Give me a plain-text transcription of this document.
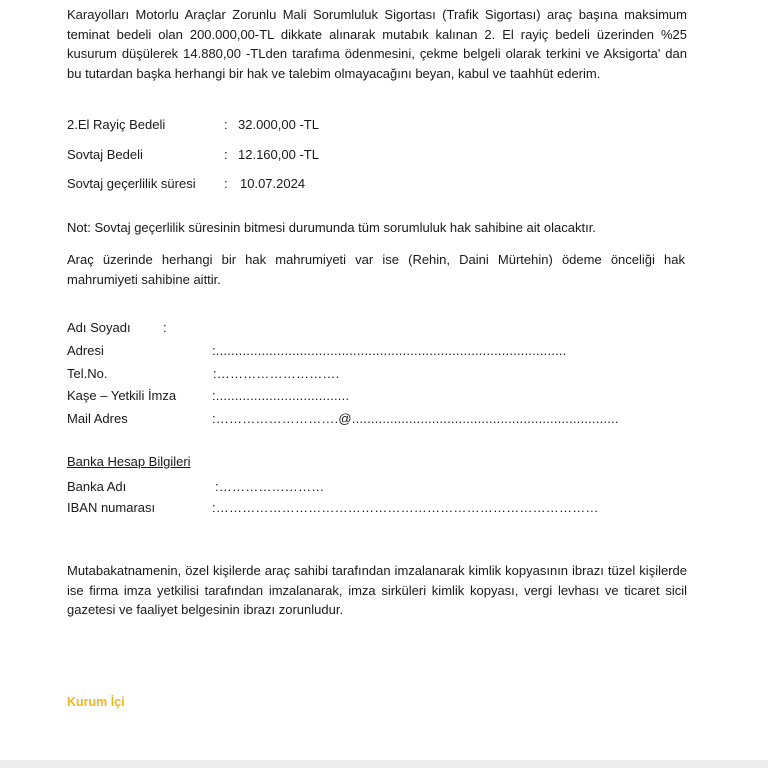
Karayolları Motorlu Araçlar Zorunlu Mali Sorumluluk Sigortası (Trafik Sigortası) araç başına maksimum teminat bedeli olan 200.000,00-TL dikkate alınarak mutabık kalınan 2. El rayiç bedeli üzerinden %25 kusurum düşülerek 14.880,00 -TLden tarafıma ödenmesini, çekme belgeli olarak terkini ve Aksigorta' dan bu tutardan başka herhangi bir hak ve talebim olmayacağını beyan, kabul ve taahhüt ederim.
2.El Rayiç Bedeli	: 32.000,00 -TL
Sovtaj Bedeli	: 12.160,00 -TL
Sovtaj geçerlilik süresi : 10.07.2024
Not: Sovtaj geçerlilik süresinin bitmesi durumunda tüm sorumluluk hak sahibine ait olacaktır.
Araç üzerinde herhangi bir hak mahrumiyeti var ise (Rehin, Daini Mürtehin) ödeme önceliği hak mahrumiyeti sahibine aittir.
Adı Soyadı :
Adresi	:............................................................................................
Tel.No.	:……………………….
Kaşe – Yetkili İmza	:...................................
Mail Adres	:……………………….@......................................................................
Banka Hesap Bilgileri
Banka Adı	:……………………
IBAN numarası	:……………………………………………………………………………
Mutabakatnamenin, özel kişilerde araç sahibi tarafından imzalanarak kimlik kopyasının ibrazı tüzel kişilerde ise firma imza yetkilisi tarafından imzalanarak, imza sirküleri kimlik kopyası, vergi levhası ve ticaret sicil gazetesi ve faaliyet belgesinin ibrazı zorunludur.
Kurum İçi
